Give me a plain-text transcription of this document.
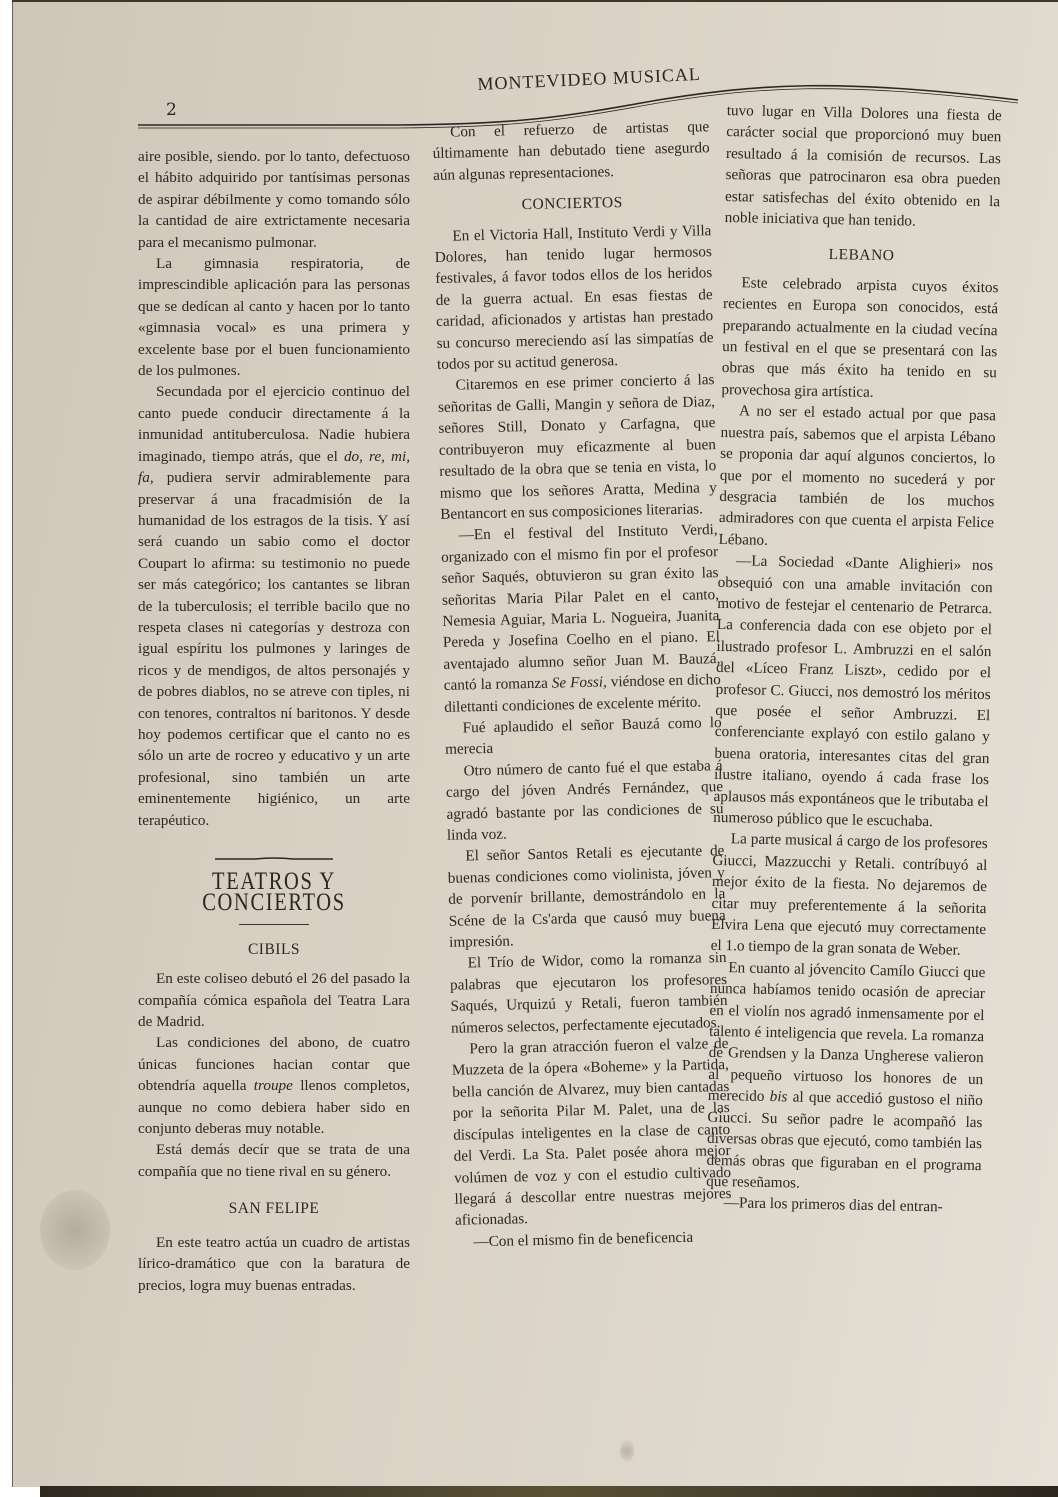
2
MONTEVIDEO MUSICAL

aire posible, siendo. por lo tanto, defectuoso el hábito adquirido por tantísimas personas de aspirar débilmente y como tomando sólo la cantidad de aire extrictamente necesaria para el mecanismo pulmonar.

La gimnasia respiratoria, de imprescindible aplicación para las personas que se dedícan al canto y hacen por lo tanto «gimnasia vocal» es una primera y excelente base por el buen funcionamiento de los pulmones.

Secundada por el ejercicio continuo del canto puede conducir directamente á la inmunidad antituberculosa. Nadie hubiera imaginado, tiempo atrás, que el do, re, mi, fa, pudiera servir admirablemente para preservar á una fracadmisión de la humanidad de los estragos de la tisis. Y así será cuando un sabio como el doctor Coupart lo afirma: su testimonio no puede ser más categórico; los cantantes se libran de la tuberculosis; el terrible bacilo que no respeta clases ni categorías y destroza con igual espíritu los pulmones y laringes de ricos y de mendigos, de altos personajés y de pobres diablos, no se atreve con tiples, ni con tenores, contraltos ní baritonos. Y desde hoy podemos certificar que el canto no es sólo un arte de rocreo y educativo y un arte profesional, sino también un arte eminentemente higiénico, un arte terapéutico.

TEATROS Y CONCIERTOS
CIBILS

En este coliseo debutó el 26 del pasado la compañía cómica española del Teatra Lara de Madrid.

Las condiciones del abono, de cuatro únicas funciones hacian contar que obtendría aquella troupe llenos completos, aunque no como debiera haber sido en conjunto deberas muy notable.

Está demás decír que se trata de una compañía que no tiene rival en su género.

SAN FELIPE

En este teatro actúa un cuadro de artistas lírico-dramático que con la baratura de precios, logra muy buenas entradas.

Con el refuerzo de artistas que últimamente han debutado tiene asegurdo aún algunas representaciones.

CONCIERTOS

En el Victoria Hall, Instituto Verdi y Villa Dolores, han tenido lugar hermosos festivales, á favor todos ellos de los heridos de la guerra actual. En esas fiestas de caridad, aficionados y artistas han prestado su concurso mereciendo así las simpatías de todos por su actitud generosa.

Citaremos en ese primer concierto á las señoritas de Galli, Mangin y señora de Diaz, señores Still, Donato y Carfagna, que contribuyeron muy eficazmente al buen resultado de la obra que se tenia en vista, lo mismo que los señores Aratta, Medina y Bentancort en sus composiciones literarias.

—En el festival del Instituto Verdi, organizado con el mismo fin por el profesor señor Saqués, obtuvieron su gran éxito las señoritas Maria Pilar Palet en el canto, Nemesia Aguiar, Maria L. Nogueira, Juanita Pereda y Josefina Coelho en el piano. El aventajado alumno señor Juan M. Bauzá, cantó la romanza Se Fossi, viéndose en dicho dilettanti condiciones de excelente mérito.

Fué aplaudido el señor Bauzá como lo merecia

Otro número de canto fué el que estaba á cargo del jóven Andrés Fernández, que agradó bastante por las condiciones de su linda voz.

El señor Santos Retali es ejecutante de buenas condiciones como violinista, jóven y de porvenír brillante, demostrándolo en la Scéne de la Cs'arda que causó muy buena impresión.

El Trío de Widor, como la romanza sin palabras que ejecutaron los profesores Saqués, Urquizú y Retali, fueron también números selectos, perfectamente ejecutados.

Pero la gran atracción fueron el valze de Muzzeta de la ópera «Boheme» y la Partida, bella canción de Alvarez, muy bien cantadas por la señorita Pilar M. Palet, una de las discípulas inteligentes en la clase de canto del Verdi. La Sta. Palet posée ahora mejor volúmen de voz y con el estudio cultivado llegará á descollar entre nuestras mejores aficionadas.

—Con el mismo fin de beneficencia

tuvo lugar en Villa Dolores una fiesta de carácter social que proporcionó muy buen resultado á la comisión de recursos. Las señoras que patrocinaron esa obra pueden estar satisfechas del éxito obtenido en la noble iniciativa que han tenido.

LEBANO

Este celebrado arpista cuyos éxitos recientes en Europa son conocidos, está preparando actualmente en la ciudad vecína un festival en el que se presentará con las obras que más éxito ha tenido en su provechosa gira artística.

A no ser el estado actual por que pasa nuestra país, sabemos que el arpista Lébano se proponia dar aquí algunos conciertos, lo que por el momento no sucederá y por desgracia también de los muchos admiradores con que cuenta el arpista Felice Lébano.

—La Sociedad «Dante Alighieri» nos obsequió con una amable invitación con motivo de festejar el centenario de Petrarca. La conferencia dada con ese objeto por el ilustrado profesor L. Ambruzzi en el salón del «Líceo Franz Liszt», cedido por el profesor C. Giucci, nos demostró los méritos que posée el señor Ambruzzi. El conferenciante explayó con estilo galano y buena oratoria, interesantes citas del gran ilustre italiano, oyendo á cada frase los aplausos más expontáneos que le tributaba el numeroso público que le escuchaba.

La parte musical á cargo de los profesores Giucci, Mazzucchi y Retali. contríbuyó al mejor éxito de la fiesta. No dejaremos de citar muy preferentemente á la señorita Elvira Lena que ejecutó muy correctamente el 1.o tiempo de la gran sonata de Weber.

En cuanto al jóvencito Camílo Giucci que nunca habíamos tenido ocasión de apreciar en el violín nos agradó inmensamente por el talento é inteligencia que revela. La romanza de Grendsen y la Danza Ungherese valieron al pequeño virtuoso los honores de un merecido bis al que accedió gustoso el niño Giucci. Su señor padre le acompañó las diversas obras que ejecutó, como también las demás obras que figuraban en el programa que reseñamos.

—Para los primeros dias del entran-
